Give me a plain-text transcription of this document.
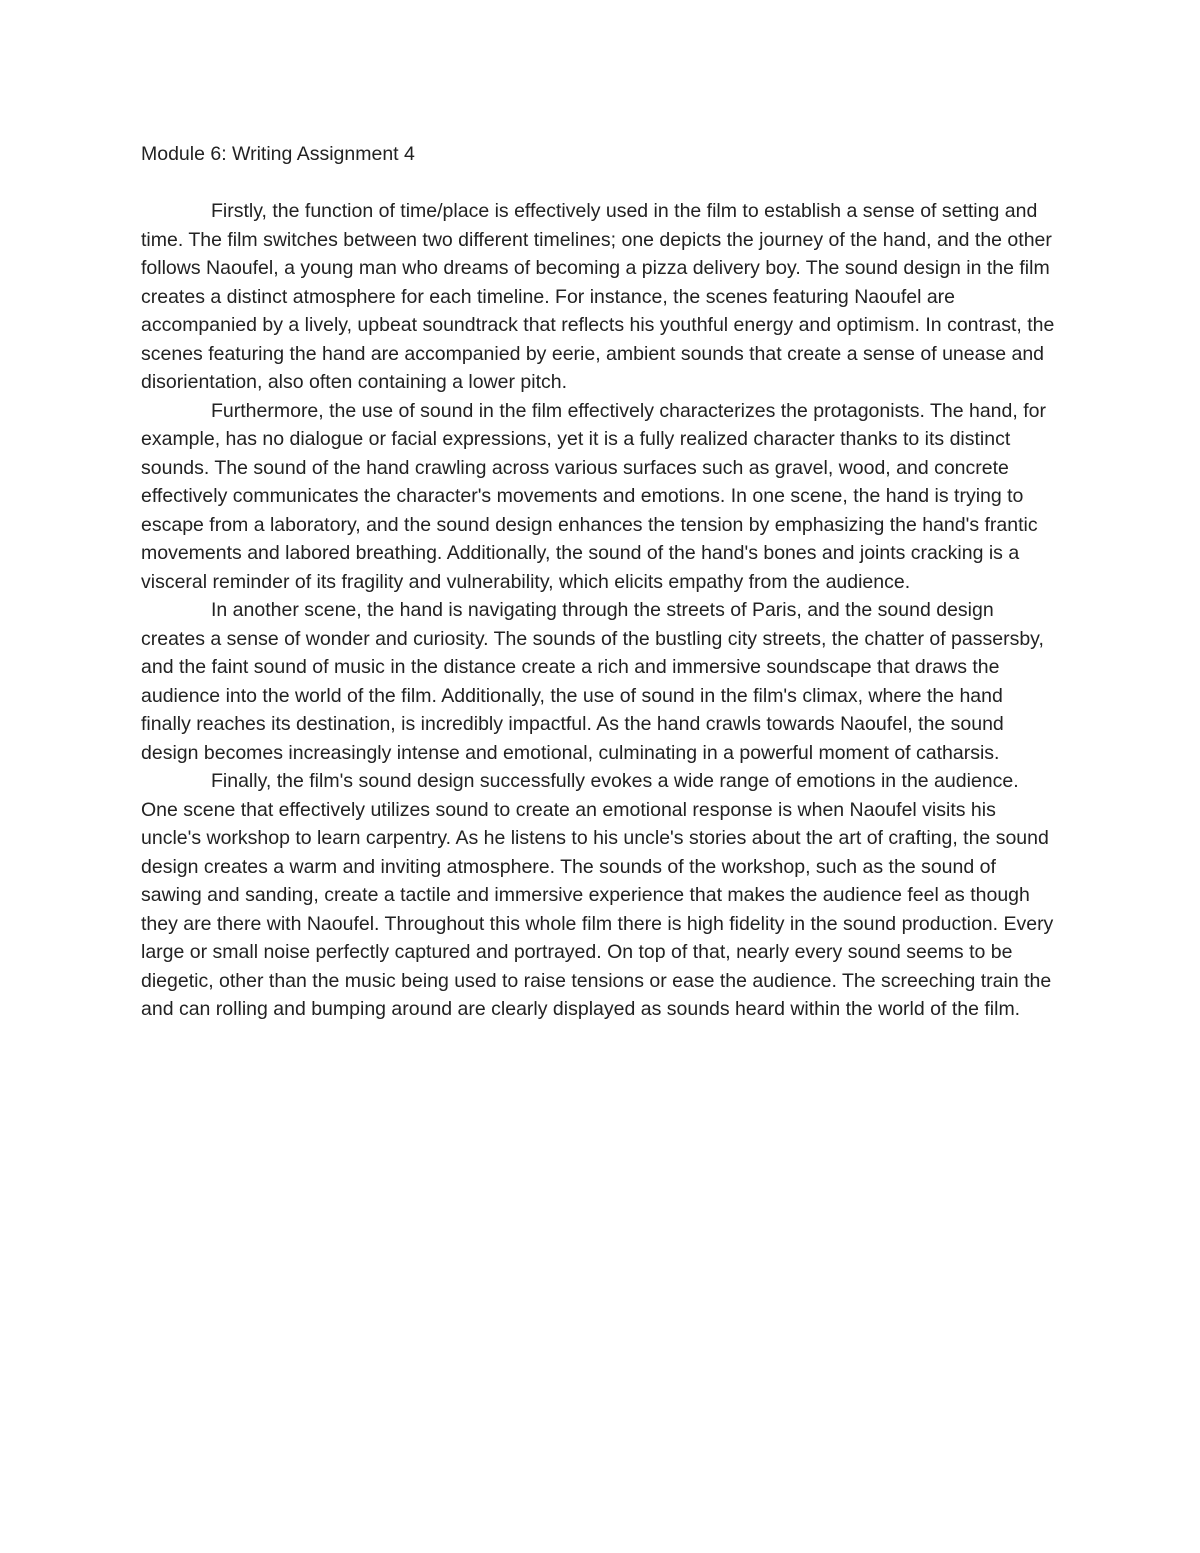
Module 6: Writing Assignment 4

Firstly, the function of time/place is effectively used in the film to establish a sense of setting and time. The film switches between two different timelines; one depicts the journey of the hand, and the other follows Naoufel, a young man who dreams of becoming a pizza delivery boy. The sound design in the film creates a distinct atmosphere for each timeline. For instance, the scenes featuring Naoufel are accompanied by a lively, upbeat soundtrack that reflects his youthful energy and optimism. In contrast, the scenes featuring the hand are accompanied by eerie, ambient sounds that create a sense of unease and disorientation, also often containing a lower pitch.

Furthermore, the use of sound in the film effectively characterizes the protagonists. The hand, for example, has no dialogue or facial expressions, yet it is a fully realized character thanks to its distinct sounds. The sound of the hand crawling across various surfaces such as gravel, wood, and concrete effectively communicates the character's movements and emotions. In one scene, the hand is trying to escape from a laboratory, and the sound design enhances the tension by emphasizing the hand's frantic movements and labored breathing. Additionally, the sound of the hand's bones and joints cracking is a visceral reminder of its fragility and vulnerability, which elicits empathy from the audience.

In another scene, the hand is navigating through the streets of Paris, and the sound design creates a sense of wonder and curiosity. The sounds of the bustling city streets, the chatter of passersby, and the faint sound of music in the distance create a rich and immersive soundscape that draws the audience into the world of the film. Additionally, the use of sound in the film's climax, where the hand finally reaches its destination, is incredibly impactful. As the hand crawls towards Naoufel, the sound design becomes increasingly intense and emotional, culminating in a powerful moment of catharsis.

Finally, the film's sound design successfully evokes a wide range of emotions in the audience. One scene that effectively utilizes sound to create an emotional response is when Naoufel visits his uncle's workshop to learn carpentry. As he listens to his uncle's stories about the art of crafting, the sound design creates a warm and inviting atmosphere. The sounds of the workshop, such as the sound of sawing and sanding, create a tactile and immersive experience that makes the audience feel as though they are there with Naoufel. Throughout this whole film there is high fidelity in the sound production. Every large or small noise perfectly captured and portrayed. On top of that, nearly every sound seems to be diegetic, other than the music being used to raise tensions or ease the audience. The screeching train the and can rolling and bumping around are clearly displayed as sounds heard within the world of the film.
